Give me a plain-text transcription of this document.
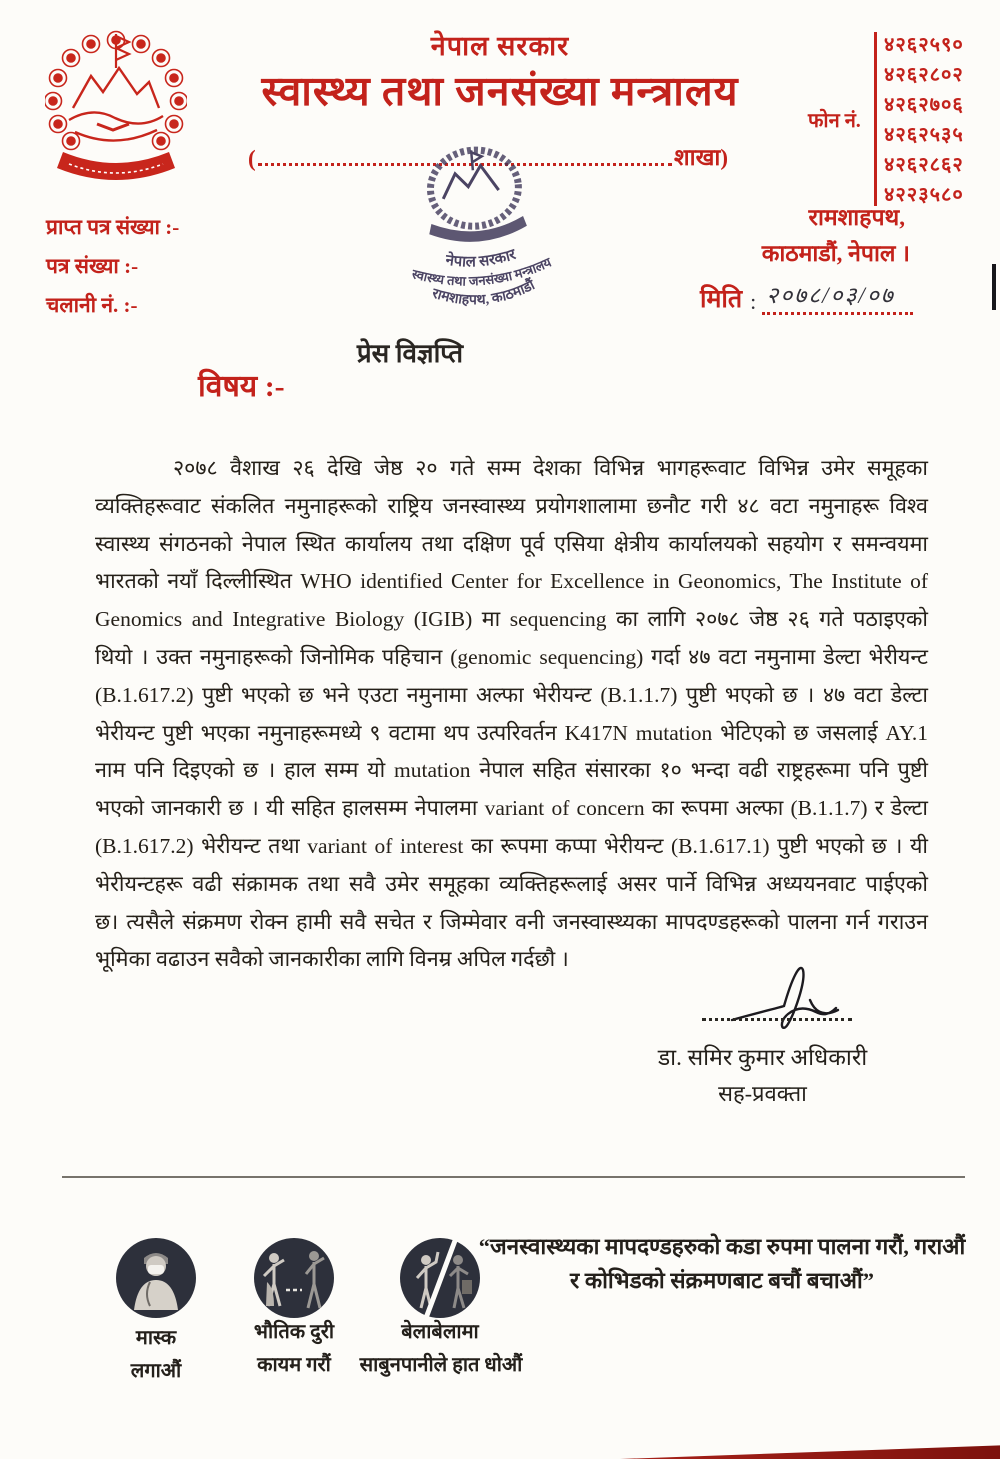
नेपाल सरकार
स्वास्थ्य तथा जनसंख्या मन्त्रालय
(	शाखा)
फोन नं.
४२६२५९०
४२६२८०२
४२६२७०६
४२६२५३५
४२६२८६२
४२२३५८०
रामशाहपथ,
काठमाडौं, नेपाल ।
मिति : २०७८/०३/०७
प्राप्त पत्र संख्या :-
पत्र संख्या :-
चलानी नं. :-
नेपाल सरकार
स्वास्थ्य तथा जनसंख्या मन्त्रालय
रामशाहपथ, काठमाडौं
प्रेस विज्ञप्ति
विषय :-
२०७८ वैशाख २६ देखि जेष्ठ २० गते सम्म देशका विभिन्न भागहरूवाट विभिन्न उमेर समूहका
व्यक्तिहरूवाट संकलित नमुनाहरूको राष्ट्रिय जनस्वास्थ्य प्रयोगशालामा छनौट गरी ४८ वटा नमुनाहरू विश्व
स्वास्थ्य संगठनको नेपाल स्थित कार्यालय तथा दक्षिण पूर्व एसिया क्षेत्रीय कार्यालयको सहयोग र समन्वयमा
भारतको नयाँ दिल्लीस्थित WHO identified Center for Excellence in Geonomics, The Institute of
Genomics and Integrative Biology (IGIB) मा sequencing का लागि २०७८ जेष्ठ २६ गते पठाइएको
थियो । उक्त नमुनाहरूको जिनोमिक पहिचान (genomic sequencing) गर्दा ४७ वटा नमुनामा डेल्टा भेरीयन्ट
(B.1.617.2) पुष्टी भएको छ भने एउटा नमुनामा अल्फा भेरीयन्ट (B.1.1.7) पुष्टी भएको छ । ४७ वटा डेल्टा
भेरीयन्ट पुष्टी भएका नमुनाहरूमध्ये ९ वटामा थप उत्परिवर्तन K417N mutation भेटिएको छ जसलाई AY.1
नाम पनि दिइएको छ । हाल सम्म यो mutation नेपाल सहित संसारका १० भन्दा वढी राष्ट्रहरूमा पनि पुष्टी
भएको जानकारी छ । यी सहित हालसम्म नेपालमा variant of concern का रूपमा अल्फा (B.1.1.7) र डेल्टा
(B.1.617.2) भेरीयन्ट तथा variant of interest का रूपमा कप्पा भेरीयन्ट (B.1.617.1) पुष्टी भएको छ । यी
भेरीयन्टहरू वढी संक्रामक तथा सवै उमेर समूहका व्यक्तिहरूलाई असर पार्ने विभिन्न अध्ययनवाट पाईएको
छ। त्यसैले संक्रमण रोक्न हामी सवै सचेत र जिम्मेवार वनी जनस्वास्थ्यका मापदण्डहरूको पालना गर्न गराउन
भूमिका वढाउन सवैको जानकारीका लागि विनम्र अपिल गर्दछौ ।
डा. समिर कुमार अधिकारी
सह-प्रवक्ता
मास्क
लगाऔं
भौतिक दुरी
कायम गरौं
बेलाबेलामा
साबुनपानीले हात धोऔं
“जनस्वास्थ्यका मापदण्डहरुको कडा रुपमा पालना गरौं, गराऔं
र कोभिडको संक्रमणबाट बचौं बचाऔं”
